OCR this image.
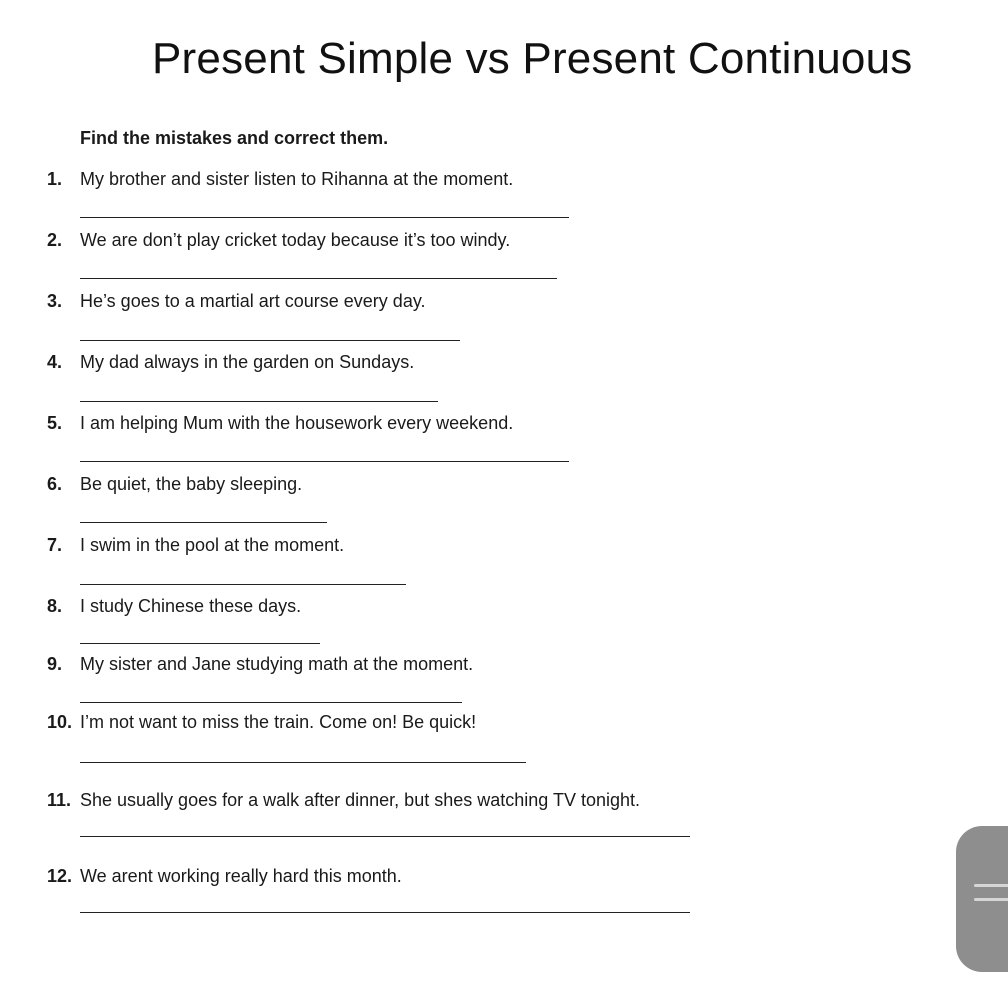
Present Simple vs Present Continuous
Find the mistakes and correct them.
1. My brother and sister listen to Rihanna at the moment.
2. We are don’t play cricket today because it’s too windy.
3. He’s goes to a martial art course every day.
4. My dad always in the garden on Sundays.
5. I am helping Mum with the housework every weekend.
6. Be quiet, the baby sleeping.
7. I swim in the pool at the moment.
8. I study Chinese these days.
9. My sister and Jane studying math at the moment.
10. I’m not want to miss the train. Come on! Be quick!
11. She usually goes for a walk after dinner, but shes watching TV tonight.
12. We arent working really hard this month.
